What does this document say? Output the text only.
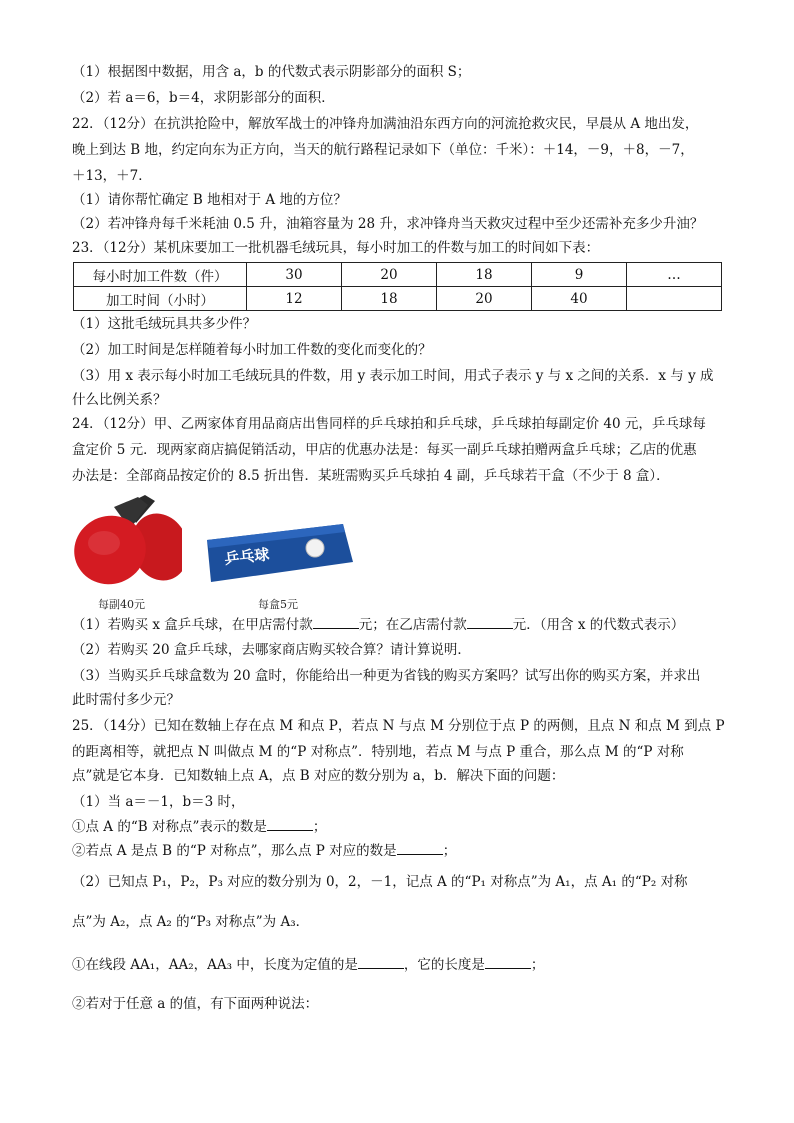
（1）根据图中数据，用含 a，b 的代数式表示阴影部分的面积 S；
（2）若 a＝6，b＝4，求阴影部分的面积．
22．（12分）在抗洪抢险中，解放军战士的冲锋舟加满油沿东西方向的河流抢救灾民，早晨从 A 地出发，
晚上到达 B 地，约定向东为正方向，当天的航行路程记录如下（单位：千米）：＋14，－9，＋8，－7，
＋13，＋7．
（1）请你帮忙确定 B 地相对于 A 地的方位？
（2）若冲锋舟每千米耗油 0.5 升，油箱容量为 28 升，求冲锋舟当天救灾过程中至少还需补充多少升油？
23．（12分）某机床要加工一批机器毛绒玩具，每小时加工的件数与加工的时间如下表：
每小时加工件数（件）	30	20	18	9	…
加工时间（小时）	12	18	20	40	
（1）这批毛绒玩具共多少件？
（2）加工时间是怎样随着每小时加工件数的变化而变化的？
（3）用 x 表示每小时加工毛绒玩具的件数，用 y 表示加工时间，用式子表示 y 与 x 之间的关系．x 与 y 成
什么比例关系？
24．（12分）甲、乙两家体育用品商店出售同样的乒乓球拍和乒乓球，乒乓球拍每副定价 40 元，乒乓球每
盒定价 5 元．现两家商店搞促销活动，甲店的优惠办法是：每买一副乒乓球拍赠两盒乒乓球；乙店的优惠
办法是：全部商品按定价的 8.5 折出售．某班需购买乒乓球拍 4 副，乒乓球若干盒（不少于 8 盒）．
乒乓球
每副40元	每盒5元
（1）若购买 x 盒乒乓球，在甲店需付款	元；在乙店需付款	元．（用含 x 的代数式表示）
（2）若购买 20 盒乒乓球，去哪家商店购买较合算？请计算说明．
（3）当购买乒乓球盒数为 20 盒时，你能给出一种更为省钱的购买方案吗？试写出你的购买方案，并求出
此时需付多少元？
25．（14分）已知在数轴上存在点 M 和点 P，若点 N 与点 M 分别位于点 P 的两侧，且点 N 和点 M 到点 P
的距离相等，就把点 N 叫做点 M 的“P 对称点”．特别地，若点 M 与点 P 重合，那么点 M 的“P 对称
点”就是它本身．已知数轴上点 A，点 B 对应的数分别为 a，b．解决下面的问题：
（1）当 a＝－1，b＝3 时，
①点 A 的“B 对称点”表示的数是	；
②若点 A 是点 B 的“P 对称点”，那么点 P 对应的数是	；
（2）已知点 P₁，P₂，P₃ 对应的数分别为 0，2，－1，记点 A 的“P₁ 对称点”为 A₁，点 A₁ 的“P₂ 对称
点”为 A₂，点 A₂ 的“P₃ 对称点”为 A₃．
①在线段 AA₁，AA₂，AA₃ 中，长度为定值的是	，它的长度是	；
②若对于任意 a 的值，有下面两种说法：
